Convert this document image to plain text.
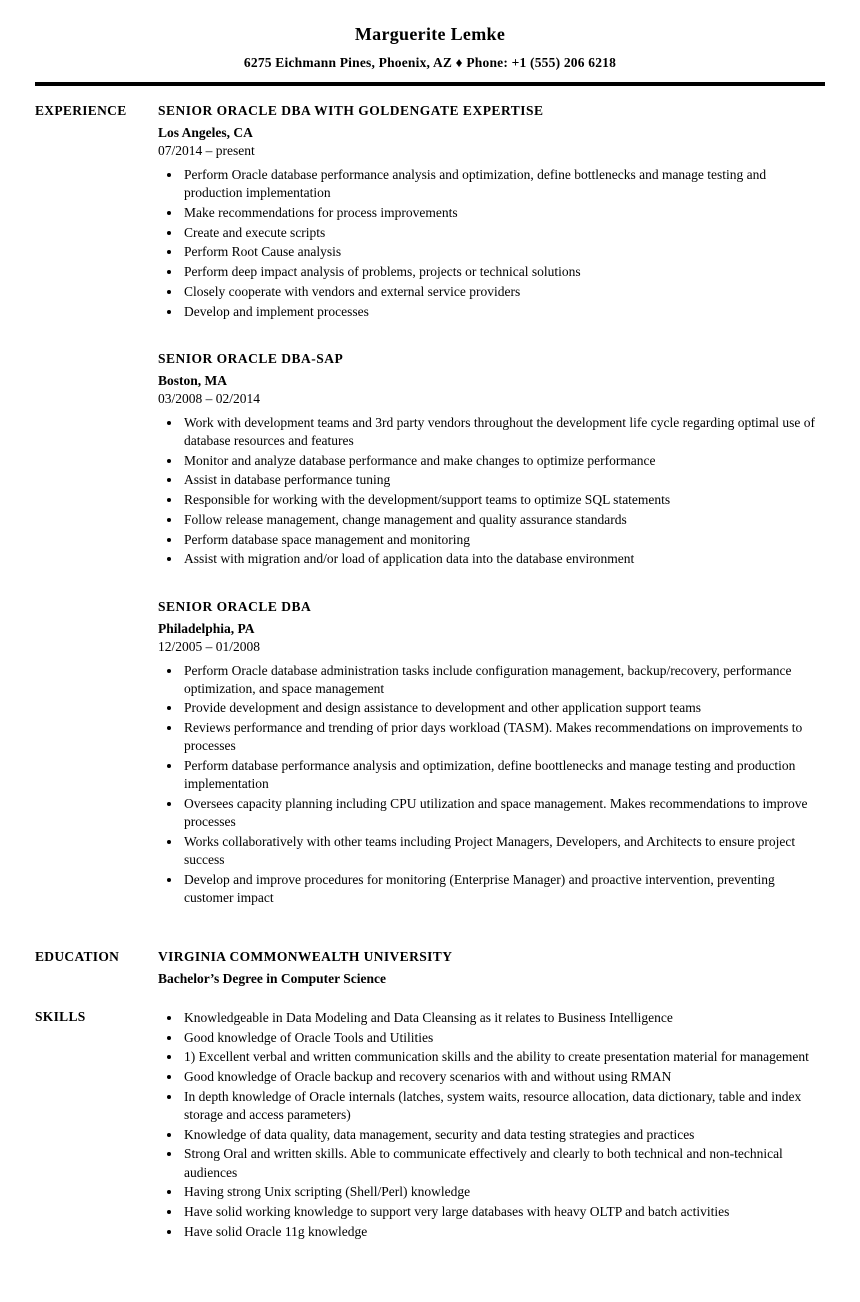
Marguerite Lemke
6275 Eichmann Pines, Phoenix, AZ ♦ Phone: +1 (555) 206 6218
EXPERIENCE	SENIOR ORACLE DBA WITH GOLDENGATE EXPERTISE
Los Angeles, CA
07/2014 – present
• Perform Oracle database performance analysis and optimization, define bottlenecks and manage testing and production implementation
• Make recommendations for process improvements
• Create and execute scripts
• Perform Root Cause analysis
• Perform deep impact analysis of problems, projects or technical solutions
• Closely cooperate with vendors and external service providers
• Develop and implement processes
SENIOR ORACLE DBA-SAP
Boston, MA
03/2008 – 02/2014
• Work with development teams and 3rd party vendors throughout the development life cycle regarding optimal use of database resources and features
• Monitor and analyze database performance and make changes to optimize performance
• Assist in database performance tuning
• Responsible for working with the development/support teams to optimize SQL statements
• Follow release management, change management and quality assurance standards
• Perform database space management and monitoring
• Assist with migration and/or load of application data into the database environment
SENIOR ORACLE DBA
Philadelphia, PA
12/2005 – 01/2008
• Perform Oracle database administration tasks include configuration management, backup/recovery, performance optimization, and space management
• Provide development and design assistance to development and other application support teams
• Reviews performance and trending of prior days workload (TASM). Makes recommendations on improvements to processes
• Perform database performance analysis and optimization, define boottlenecks and manage testing and production implementation
• Oversees capacity planning including CPU utilization and space management. Makes recommendations to improve processes
• Works collaboratively with other teams including Project Managers, Developers, and Architects to ensure project success
• Develop and improve procedures for monitoring (Enterprise Manager) and proactive intervention, preventing customer impact
EDUCATION	VIRGINIA COMMONWEALTH UNIVERSITY
Bachelor’s Degree in Computer Science
SKILLS	• Knowledgeable in Data Modeling and Data Cleansing as it relates to Business Intelligence
• Good knowledge of Oracle Tools and Utilities
• 1) Excellent verbal and written communication skills and the ability to create presentation material for management
• Good knowledge of Oracle backup and recovery scenarios with and without using RMAN
• In depth knowledge of Oracle internals (latches, system waits, resource allocation, data dictionary, table and index storage and access parameters)
• Knowledge of data quality, data management, security and data testing strategies and practices
• Strong Oral and written skills. Able to communicate effectively and clearly to both technical and non-technical audiences
• Having strong Unix scripting (Shell/Perl) knowledge
• Have solid working knowledge to support very large databases with heavy OLTP and batch activities
• Have solid Oracle 11g knowledge
